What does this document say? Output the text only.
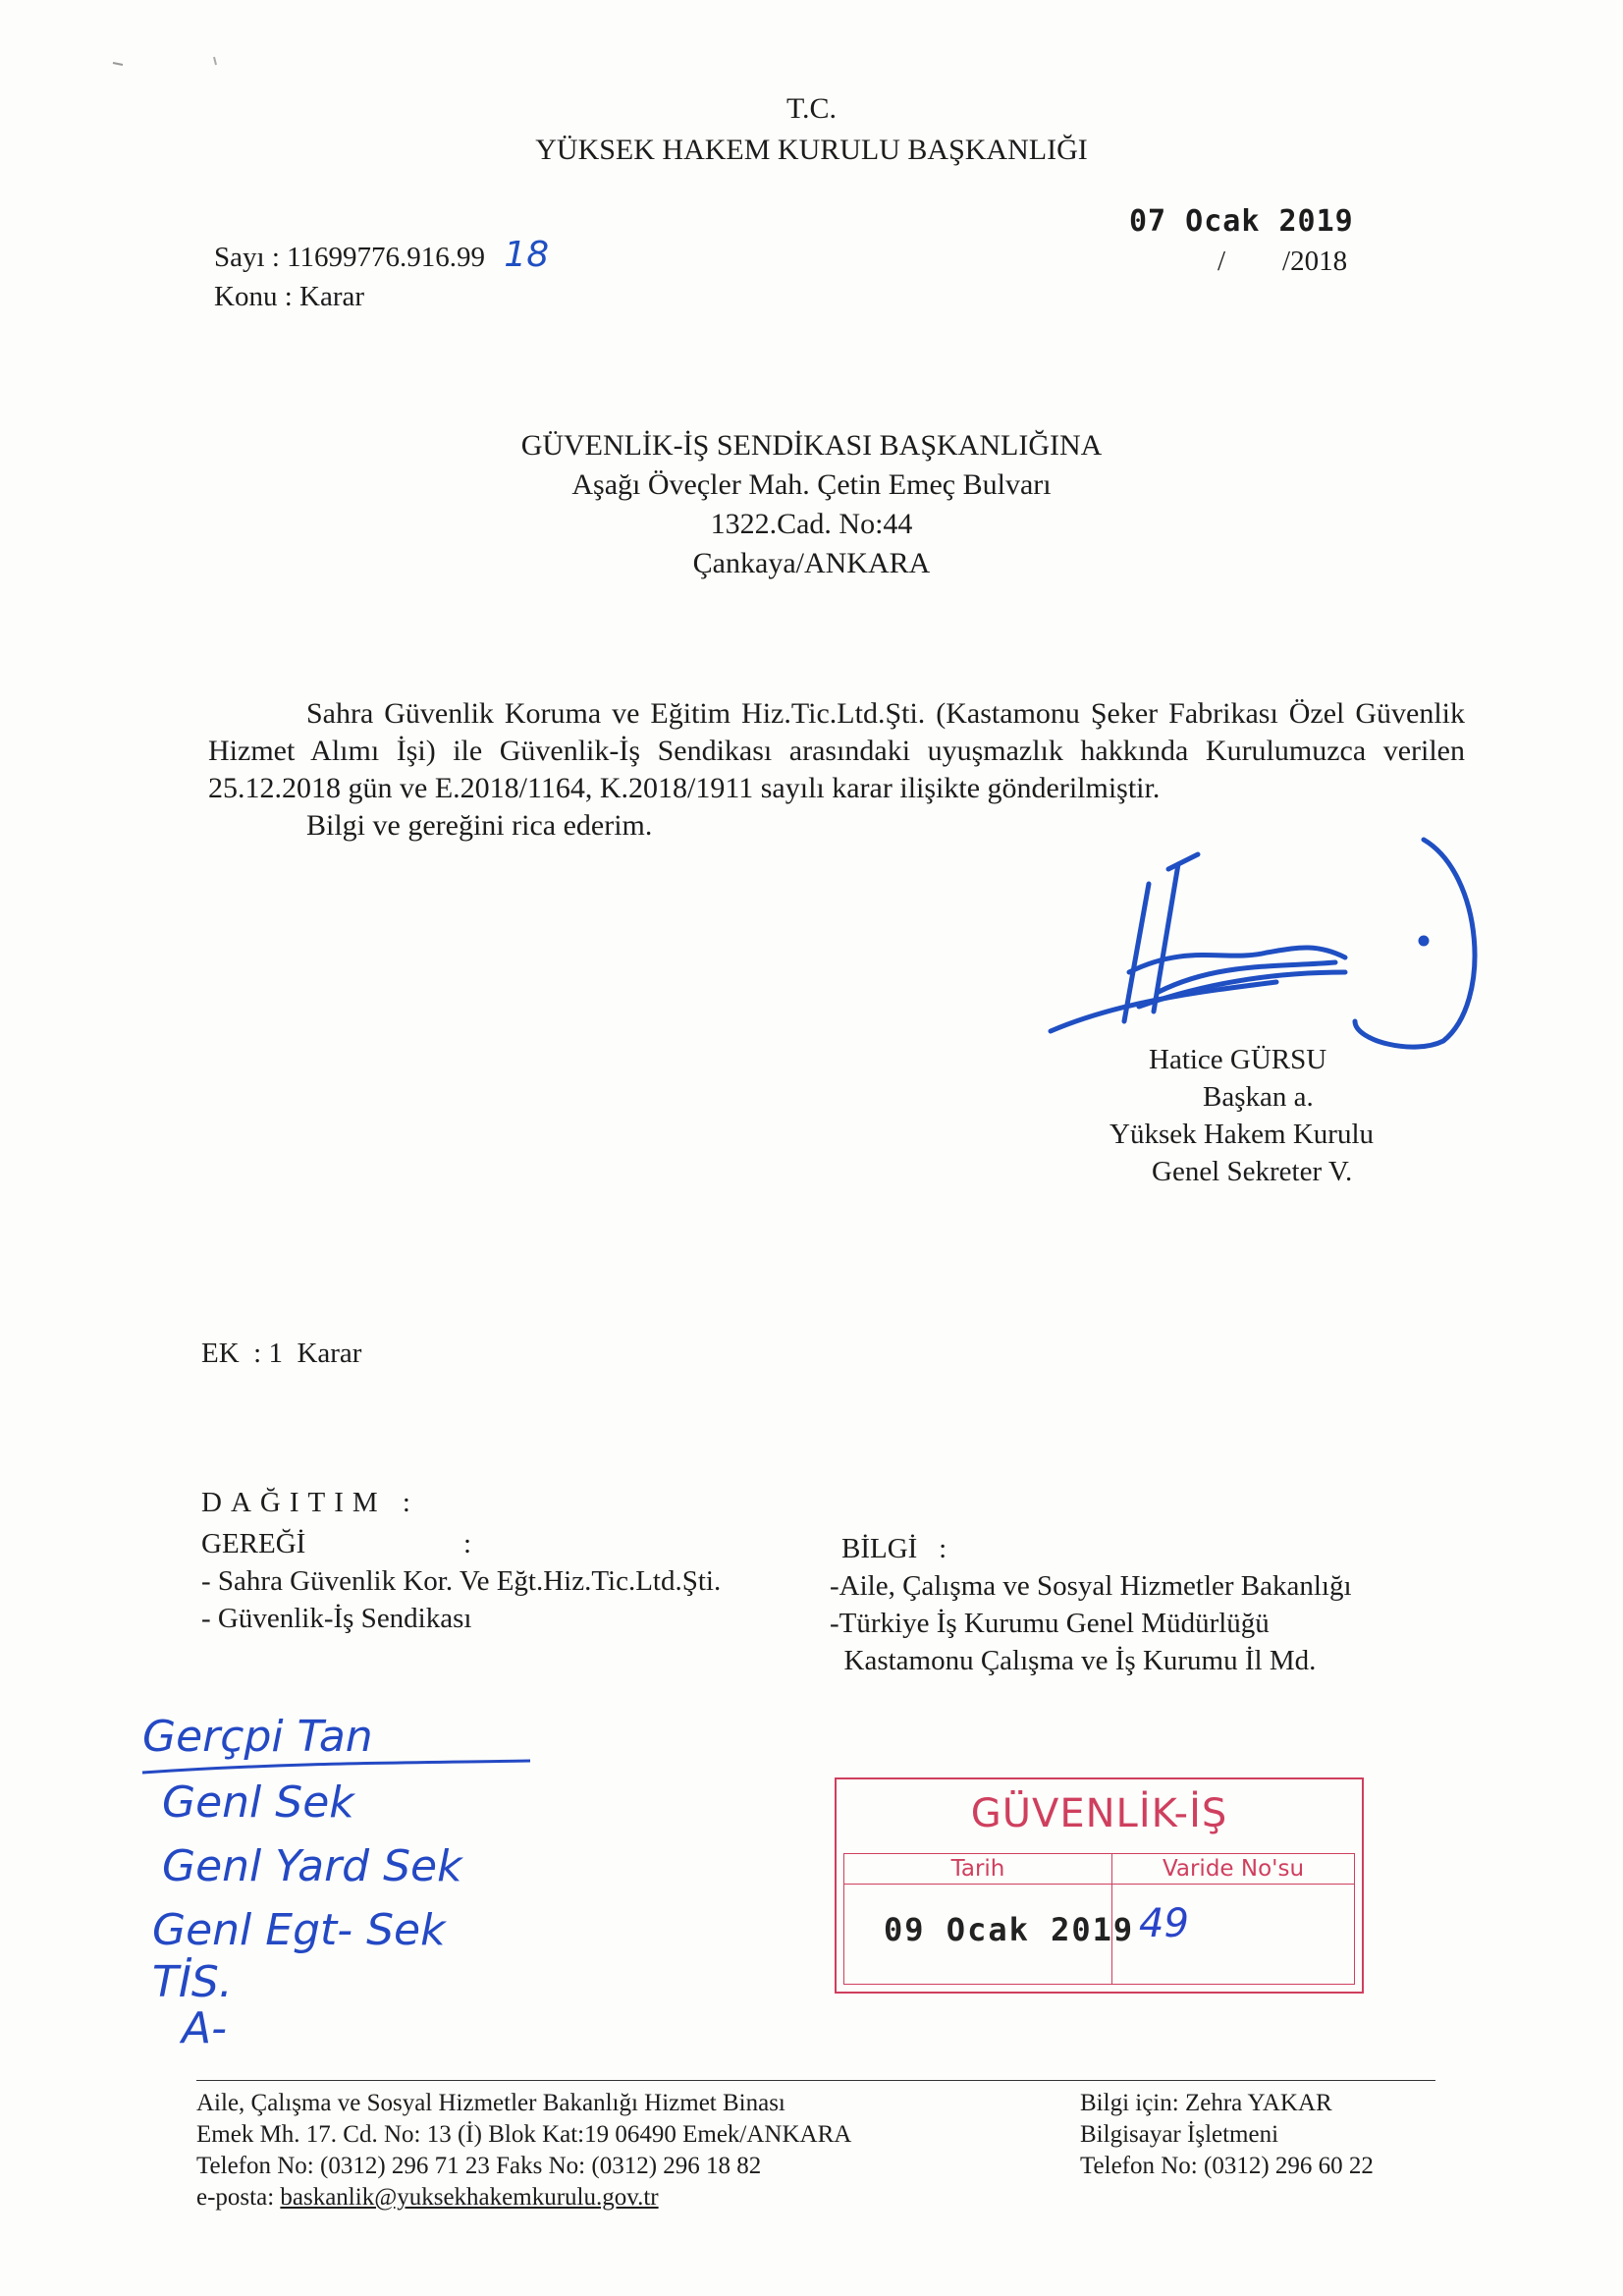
T.C.
YÜKSEK HAKEM KURULU BAŞKANLIĞI
Sayı : 11699776.916.99 18
Konu : Karar
07 Ocak 2019
/        /2018
GÜVENLİK-İŞ SENDİKASI BAŞKANLIĞINA
Aşağı Öveçler Mah. Çetin Emeç Bulvarı
1322.Cad. No:44
Çankaya/ANKARA

Sahra Güvenlik Koruma ve Eğitim Hiz.Tic.Ltd.Şti. (Kastamonu Şeker Fabrikası Özel Güvenlik Hizmet Alımı İşi) ile Güvenlik-İş Sendikası arasındaki uyuşmazlık hakkında Kurulumuzca verilen 25.12.2018 gün ve E.2018/1164, K.2018/1911 sayılı karar ilişikte gönderilmiştir.

Bilgi ve gereğini rica ederim.

Hatice GÜRSU
Başkan a.
Yüksek Hakem Kurulu
Genel Sekreter V.
EK  : 1  Karar
DAĞITIM :
GEREĞİ	:
- Sahra Güvenlik Kor. Ve Eğt.Hiz.Tic.Ltd.Şti.
- Güvenlik-İş Sendikası
BİLGİ   :
-Aile, Çalışma ve Sosyal Hizmetler Bakanlığı
-Türkiye İş Kurumu Genel Müdürlüğü
Kastamonu Çalışma ve İş Kurumu İl Md.
Gerçpi Tan
Genl Sek
Genl Yard Sek
Genl Egt- Sek
TİS.
A-
GÜVENLİK-İŞ
Tarih	Varide No'su
09 Ocak 2019 49
Aile, Çalışma ve Sosyal Hizmetler Bakanlığı Hizmet Binası
Emek Mh. 17. Cd. No: 13 (İ) Blok Kat:19 06490 Emek/ANKARA
Telefon No: (0312) 296 71 23 Faks No: (0312) 296 18 82
e-posta: baskanlik@yuksekhakemkurulu.gov.tr
Bilgi için: Zehra YAKAR
Bilgisayar İşletmeni
Telefon No: (0312) 296 60 22
